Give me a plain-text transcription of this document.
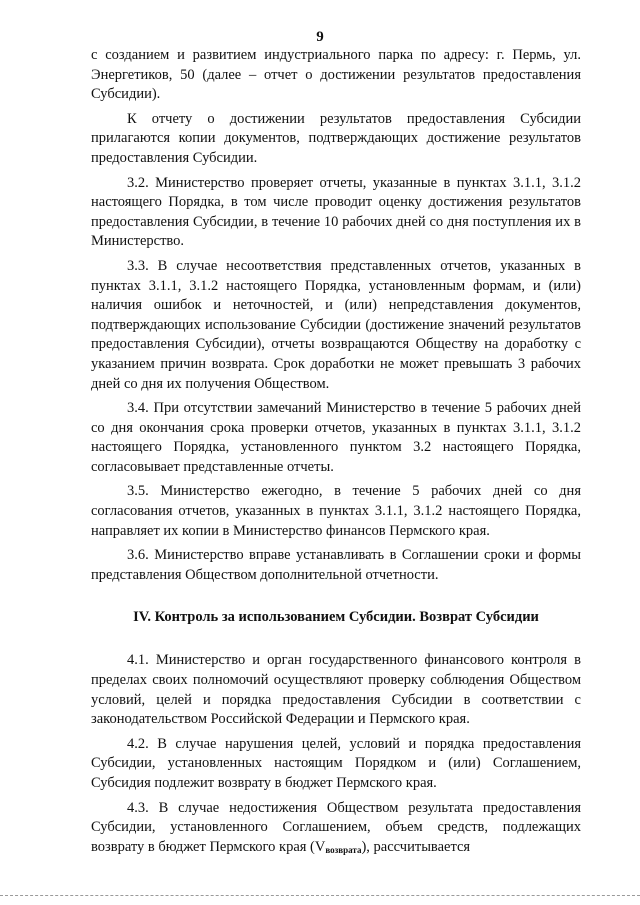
9

с созданием и развитием индустриального парка по адресу: г. Пермь, ул. Энергетиков, 50 (далее – отчет о достижении результатов предоставления Субсидии).

К отчету о достижении результатов предоставления Субсидии прилагаются копии документов, подтверждающих достижение результатов предоставления Субсидии.

3.2. Министерство проверяет отчеты, указанные в пунктах 3.1.1, 3.1.2 настоящего Порядка, в том числе проводит оценку достижения результатов предоставления Субсидии, в течение 10 рабочих дней со дня поступления их в Министерство.

3.3. В случае несоответствия представленных отчетов, указанных в пунктах 3.1.1, 3.1.2 настоящего Порядка, установленным формам, и (или) наличия ошибок и неточностей, и (или) непредставления документов, подтверждающих использование Субсидии (достижение значений результатов предоставления Субсидии), отчеты возвращаются Обществу на доработку с указанием причин возврата. Срок доработки не может превышать 3 рабочих дней со дня их получения Обществом.

3.4. При отсутствии замечаний Министерство в течение 5 рабочих дней со дня окончания срока проверки отчетов, указанных в пунктах 3.1.1, 3.1.2 настоящего Порядка, установленного пунктом 3.2 настоящего Порядка, согласовывает представленные отчеты.

3.5. Министерство ежегодно, в течение 5 рабочих дней со дня согласования отчетов, указанных в пунктах 3.1.1, 3.1.2 настоящего Порядка, направляет их копии в Министерство финансов Пермского края.

3.6. Министерство вправе устанавливать в Соглашении сроки и формы представления Обществом дополнительной отчетности.

IV. Контроль за использованием Субсидии. Возврат Субсидии

4.1. Министерство и орган государственного финансового контроля в пределах своих полномочий осуществляют проверку соблюдения Обществом условий, целей и порядка предоставления Субсидии в соответствии с законодательством Российской Федерации и Пермского края.

4.2. В случае нарушения целей, условий и порядка предоставления Субсидии, установленных настоящим Порядком и (или) Соглашением, Субсидия подлежит возврату в бюджет Пермского края.

4.3. В случае недостижения Обществом результата предоставления Субсидии, установленного Соглашением, объем средств, подлежащих возврату в бюджет Пермского края $(V_{возврата})$, рассчитывается
